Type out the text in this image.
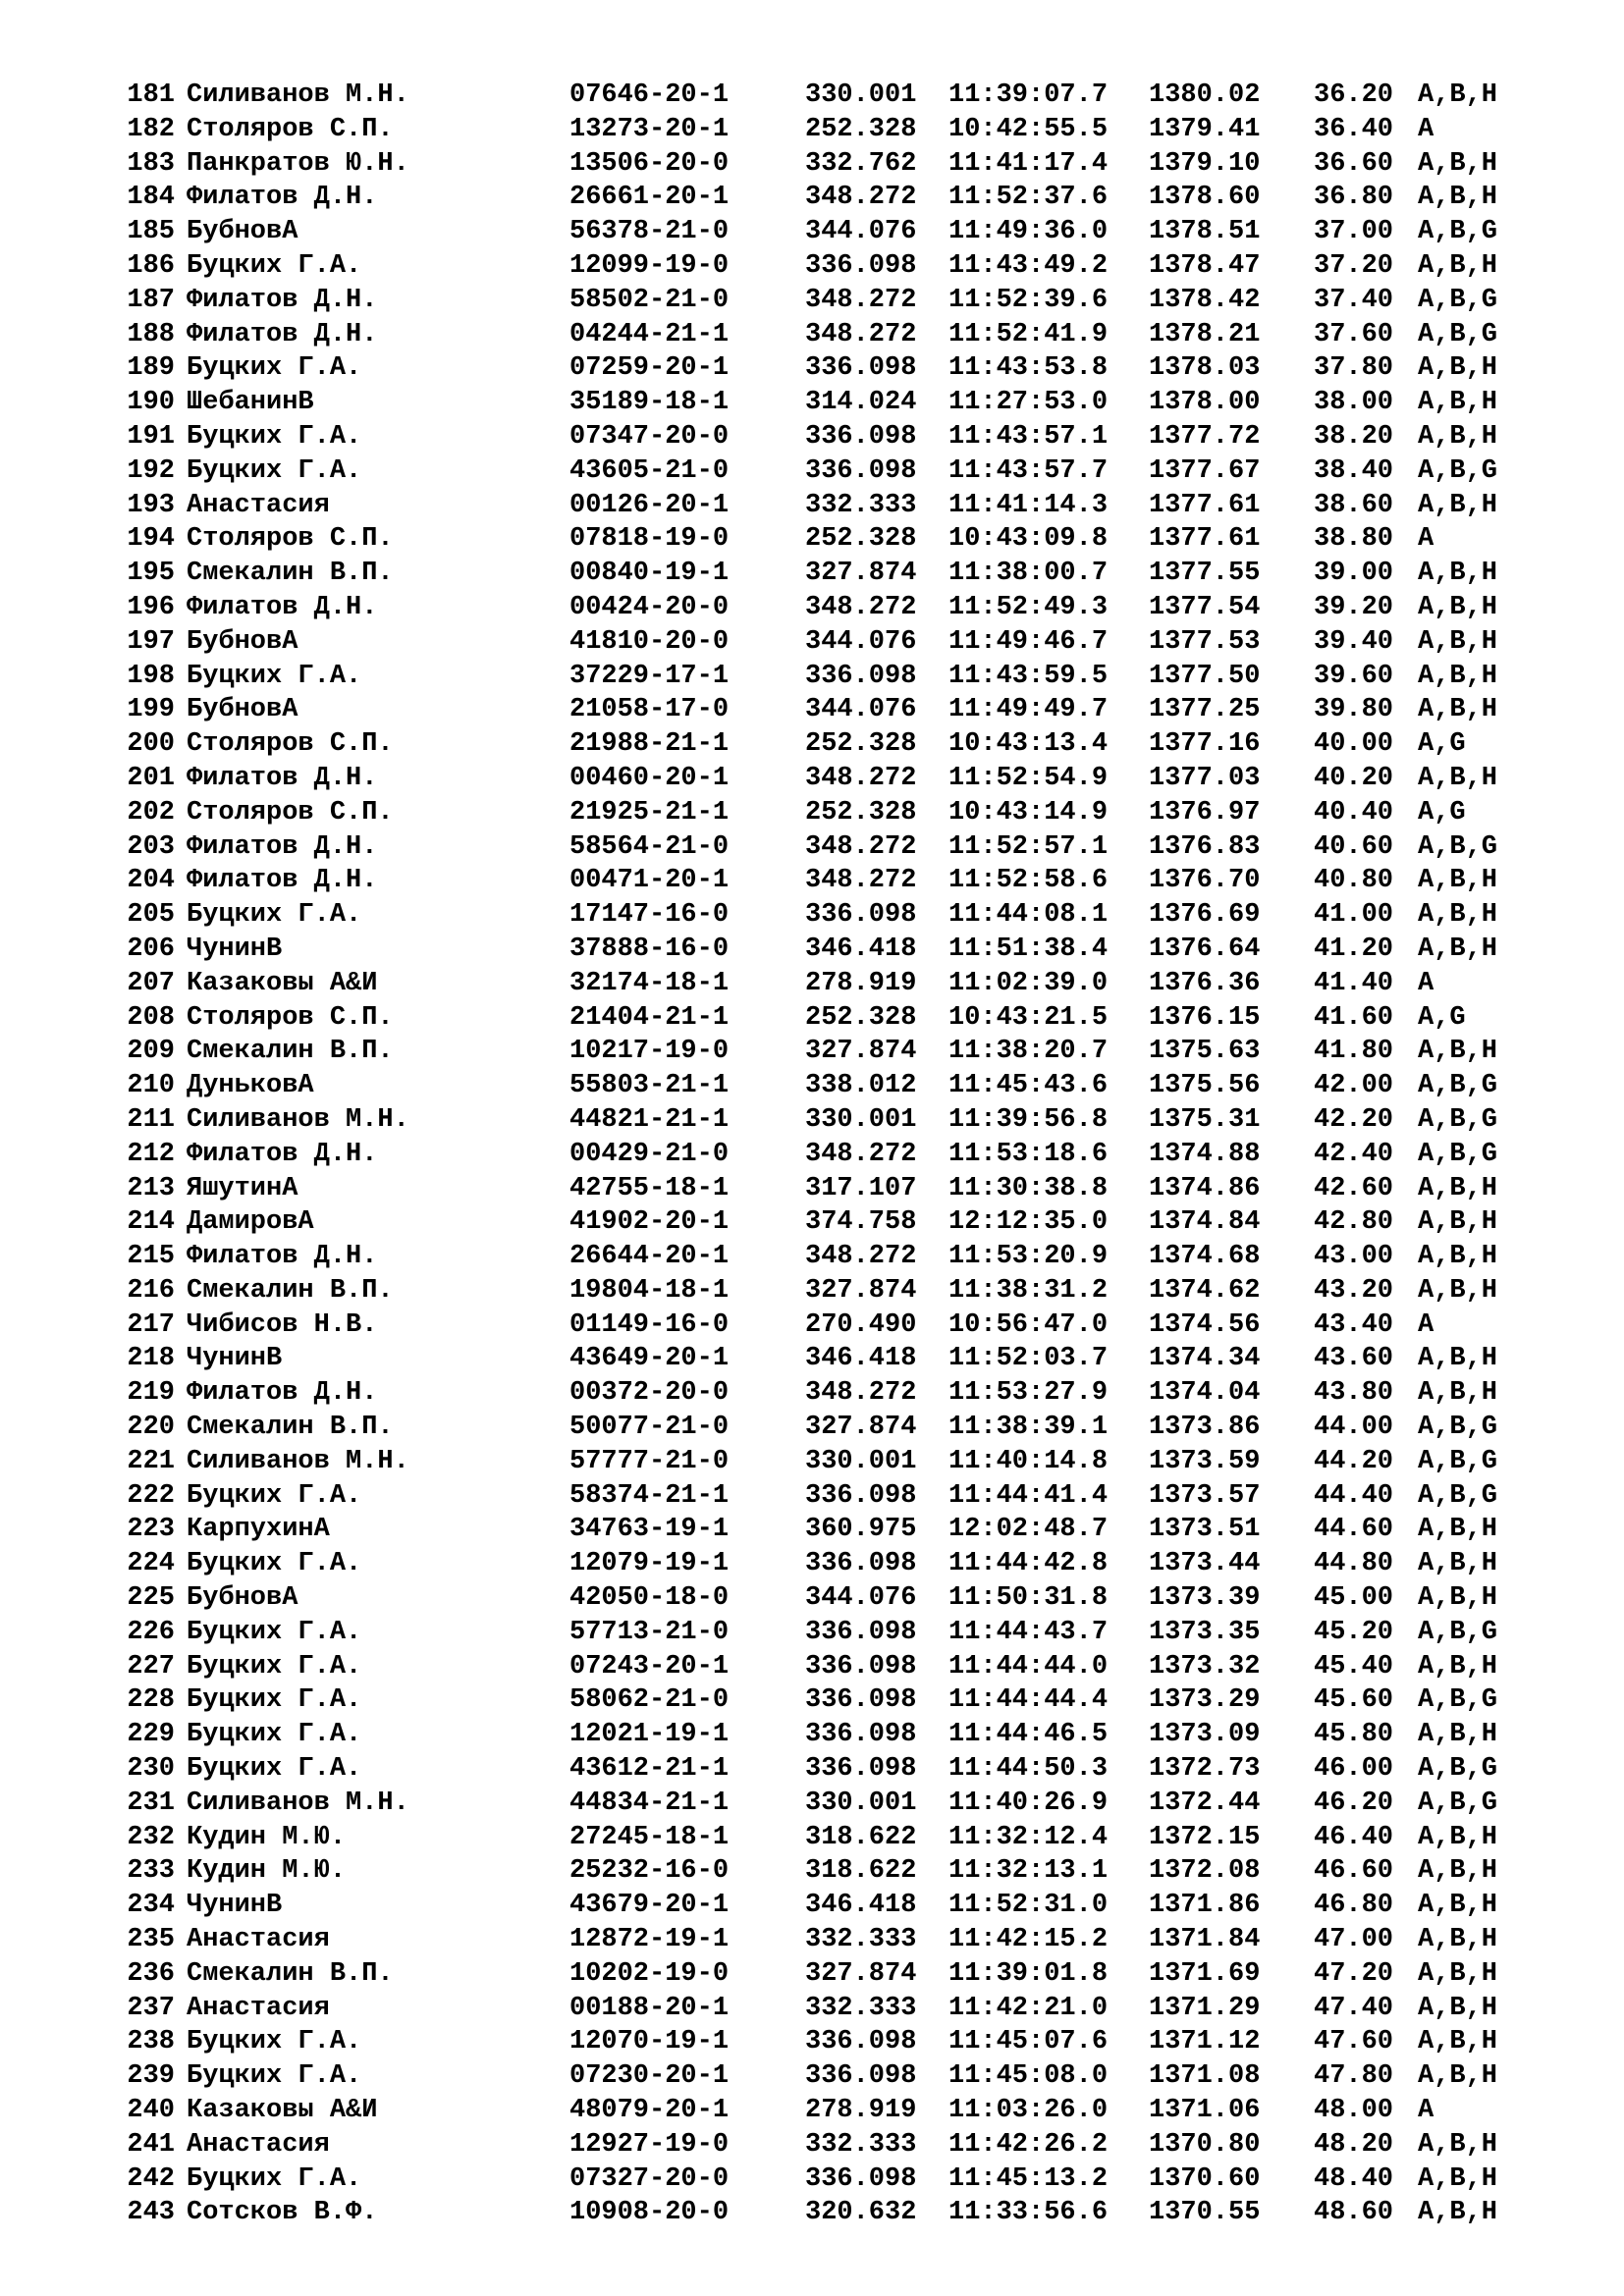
181 Силиванов М.Н.	07646-20-1	330.001 11:39:07.7 1380.02 36.20 A,B,H
182 Столяров С.П.	13273-20-1	252.328 10:42:55.5 1379.41 36.40 A
183 Панкратов Ю.Н.	13506-20-0	332.762 11:41:17.4 1379.10 36.60 A,B,H
184 Филатов Д.Н.	26661-20-1	348.272 11:52:37.6 1378.60 36.80 A,B,H
185 БубновА	56378-21-0	344.076 11:49:36.0 1378.51 37.00 A,B,G
186 Буцких Г.А.	12099-19-0	336.098 11:43:49.2 1378.47 37.20 A,B,H
187 Филатов Д.Н.	58502-21-0	348.272 11:52:39.6 1378.42 37.40 A,B,G
188 Филатов Д.Н.	04244-21-1	348.272 11:52:41.9 1378.21 37.60 A,B,G
189 Буцких Г.А.	07259-20-1	336.098 11:43:53.8 1378.03 37.80 A,B,H
190 ШебанинВ	35189-18-1	314.024 11:27:53.0 1378.00 38.00 A,B,H
191 Буцких Г.А.	07347-20-0	336.098 11:43:57.1 1377.72 38.20 A,B,H
192 Буцких Г.А.	43605-21-0	336.098 11:43:57.7 1377.67 38.40 A,B,G
193 Анастасия	00126-20-1	332.333 11:41:14.3 1377.61 38.60 A,B,H
194 Столяров С.П.	07818-19-0	252.328 10:43:09.8 1377.61 38.80 A
195 Смекалин В.П.	00840-19-1	327.874 11:38:00.7 1377.55 39.00 A,B,H
196 Филатов Д.Н.	00424-20-0	348.272 11:52:49.3 1377.54 39.20 A,B,H
197 БубновА	41810-20-0	344.076 11:49:46.7 1377.53 39.40 A,B,H
198 Буцких Г.А.	37229-17-1	336.098 11:43:59.5 1377.50 39.60 A,B,H
199 БубновА	21058-17-0	344.076 11:49:49.7 1377.25 39.80 A,B,H
200 Столяров С.П.	21988-21-1	252.328 10:43:13.4 1377.16 40.00 A,G
201 Филатов Д.Н.	00460-20-1	348.272 11:52:54.9 1377.03 40.20 A,B,H
202 Столяров С.П.	21925-21-1	252.328 10:43:14.9 1376.97 40.40 A,G
203 Филатов Д.Н.	58564-21-0	348.272 11:52:57.1 1376.83 40.60 A,B,G
204 Филатов Д.Н.	00471-20-1	348.272 11:52:58.6 1376.70 40.80 A,B,H
205 Буцких Г.А.	17147-16-0	336.098 11:44:08.1 1376.69 41.00 A,B,H
206 ЧунинВ	37888-16-0	346.418 11:51:38.4 1376.64 41.20 A,B,H
207 Казаковы А&И	32174-18-1	278.919 11:02:39.0 1376.36 41.40 A
208 Столяров С.П.	21404-21-1	252.328 10:43:21.5 1376.15 41.60 A,G
209 Смекалин В.П.	10217-19-0	327.874 11:38:20.7 1375.63 41.80 A,B,H
210 ДуньковА	55803-21-1	338.012 11:45:43.6 1375.56 42.00 A,B,G
211 Силиванов М.Н.	44821-21-1	330.001 11:39:56.8 1375.31 42.20 A,B,G
212 Филатов Д.Н.	00429-21-0	348.272 11:53:18.6 1374.88 42.40 A,B,G
213 ЯшутинА	42755-18-1	317.107 11:30:38.8 1374.86 42.60 A,B,H
214 ДамировА	41902-20-1	374.758 12:12:35.0 1374.84 42.80 A,B,H
215 Филатов Д.Н.	26644-20-1	348.272 11:53:20.9 1374.68 43.00 A,B,H
216 Смекалин В.П.	19804-18-1	327.874 11:38:31.2 1374.62 43.20 A,B,H
217 Чибисов Н.В.	01149-16-0	270.490 10:56:47.0 1374.56 43.40 A
218 ЧунинВ	43649-20-1	346.418 11:52:03.7 1374.34 43.60 A,B,H
219 Филатов Д.Н.	00372-20-0	348.272 11:53:27.9 1374.04 43.80 A,B,H
220 Смекалин В.П.	50077-21-0	327.874 11:38:39.1 1373.86 44.00 A,B,G
221 Силиванов М.Н.	57777-21-0	330.001 11:40:14.8 1373.59 44.20 A,B,G
222 Буцких Г.А.	58374-21-1	336.098 11:44:41.4 1373.57 44.40 A,B,G
223 КарпухинА	34763-19-1	360.975 12:02:48.7 1373.51 44.60 A,B,H
224 Буцких Г.А.	12079-19-1	336.098 11:44:42.8 1373.44 44.80 A,B,H
225 БубновА	42050-18-0	344.076 11:50:31.8 1373.39 45.00 A,B,H
226 Буцких Г.А.	57713-21-0	336.098 11:44:43.7 1373.35 45.20 A,B,G
227 Буцких Г.А.	07243-20-1	336.098 11:44:44.0 1373.32 45.40 A,B,H
228 Буцких Г.А.	58062-21-0	336.098 11:44:44.4 1373.29 45.60 A,B,G
229 Буцких Г.А.	12021-19-1	336.098 11:44:46.5 1373.09 45.80 A,B,H
230 Буцких Г.А.	43612-21-1	336.098 11:44:50.3 1372.73 46.00 A,B,G
231 Силиванов М.Н.	44834-21-1	330.001 11:40:26.9 1372.44 46.20 A,B,G
232 Кудин М.Ю.	27245-18-1	318.622 11:32:12.4 1372.15 46.40 A,B,H
233 Кудин М.Ю.	25232-16-0	318.622 11:32:13.1 1372.08 46.60 A,B,H
234 ЧунинВ	43679-20-1	346.418 11:52:31.0 1371.86 46.80 A,B,H
235 Анастасия	12872-19-1	332.333 11:42:15.2 1371.84 47.00 A,B,H
236 Смекалин В.П.	10202-19-0	327.874 11:39:01.8 1371.69 47.20 A,B,H
237 Анастасия	00188-20-1	332.333 11:42:21.0 1371.29 47.40 A,B,H
238 Буцких Г.А.	12070-19-1	336.098 11:45:07.6 1371.12 47.60 A,B,H
239 Буцких Г.А.	07230-20-1	336.098 11:45:08.0 1371.08 47.80 A,B,H
240 Казаковы А&И	48079-20-1	278.919 11:03:26.0 1371.06 48.00 A
241 Анастасия	12927-19-0	332.333 11:42:26.2 1370.80 48.20 A,B,H
242 Буцких Г.А.	07327-20-0	336.098 11:45:13.2 1370.60 48.40 A,B,H
243 Сотсков В.Ф.	10908-20-0	320.632 11:33:56.6 1370.55 48.60 A,B,H
